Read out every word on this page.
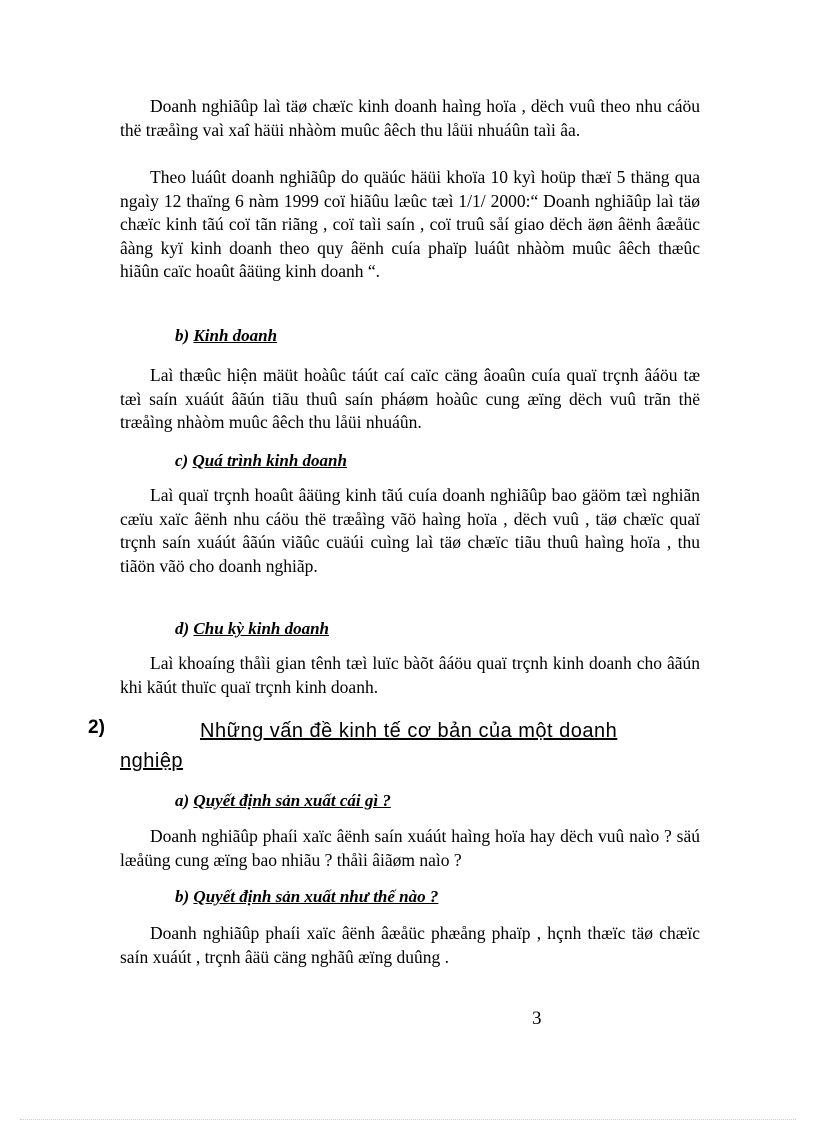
Doanh nghiãûp laì täø chæïc kinh doanh haìng hoïa , dëch vuû theo nhu cáöu thë træåìng vaì xaî häüi nhàòm muûc âêch thu låüi nhuáûn taìi âa.

Theo luáût doanh nghiãûp do quäúc häüi khoïa 10 kyì hoüp thæï 5 thäng qua ngaìy 12 thaïng 6 nàm 1999 coï hiãûu læûc tæì 1/1/ 2000:“ Doanh nghiãûp laì täø chæïc kinh tãú coï tãn riãng , coï taìi saín , coï truû såí giao dëch äøn âënh âæåüc âàng kyï kinh doanh theo quy âënh cuía phaïp luáût nhàòm muûc âêch thæûc hiãûn caïc hoaût âäüng kinh doanh “.

b) Kinh doanh

Laì thæûc hiện mäüt hoàûc táút caí caïc cäng âoaûn cuía quaï trçnh âáöu tæ tæì saín xuáút âãún tiãu thuû saín pháøm hoàûc cung æïng dëch vuû trãn thë træåìng nhàòm muûc âêch thu låüi nhuáûn.

c) Quá trình kinh doanh

Laì quaï trçnh hoaût âäüng kinh tãú cuía doanh nghiãûp bao gäöm tæì nghiãn cæïu xaïc âënh nhu cáöu thë træåìng vãö haìng hoïa , dëch vuû , täø chæïc quaï trçnh saín xuáút âãún viãûc cuäúi cuìng laì täø chæïc tiãu thuû haìng hoïa , thu tiãön vãö cho doanh nghiãp.

d) Chu kỳ kinh doanh

Laì khoaíng thåìi gian tênh tæì luïc bàõt âáöu quaï trçnh kinh doanh cho âãún khi kãút thuïc quaï trçnh kinh doanh.

2)	Những vấn đề kinh tế cơ bản của một doanh
nghiệp

a) Quyết định sản xuất cái gì ?

Doanh nghiãûp phaíi xaïc âënh saín xuáút haìng hoïa hay dëch vuû naìo ? säú læåüng cung æïng bao nhiãu ? thåìi âiãøm naìo ?

b) Quyết định sản xuất như thế nào ?

Doanh nghiãûp phaíi xaïc âënh âæåüc phæång phaïp , hçnh thæïc täø chæïc saín xuáút , trçnh âäü cäng nghãû æïng duûng .

3
